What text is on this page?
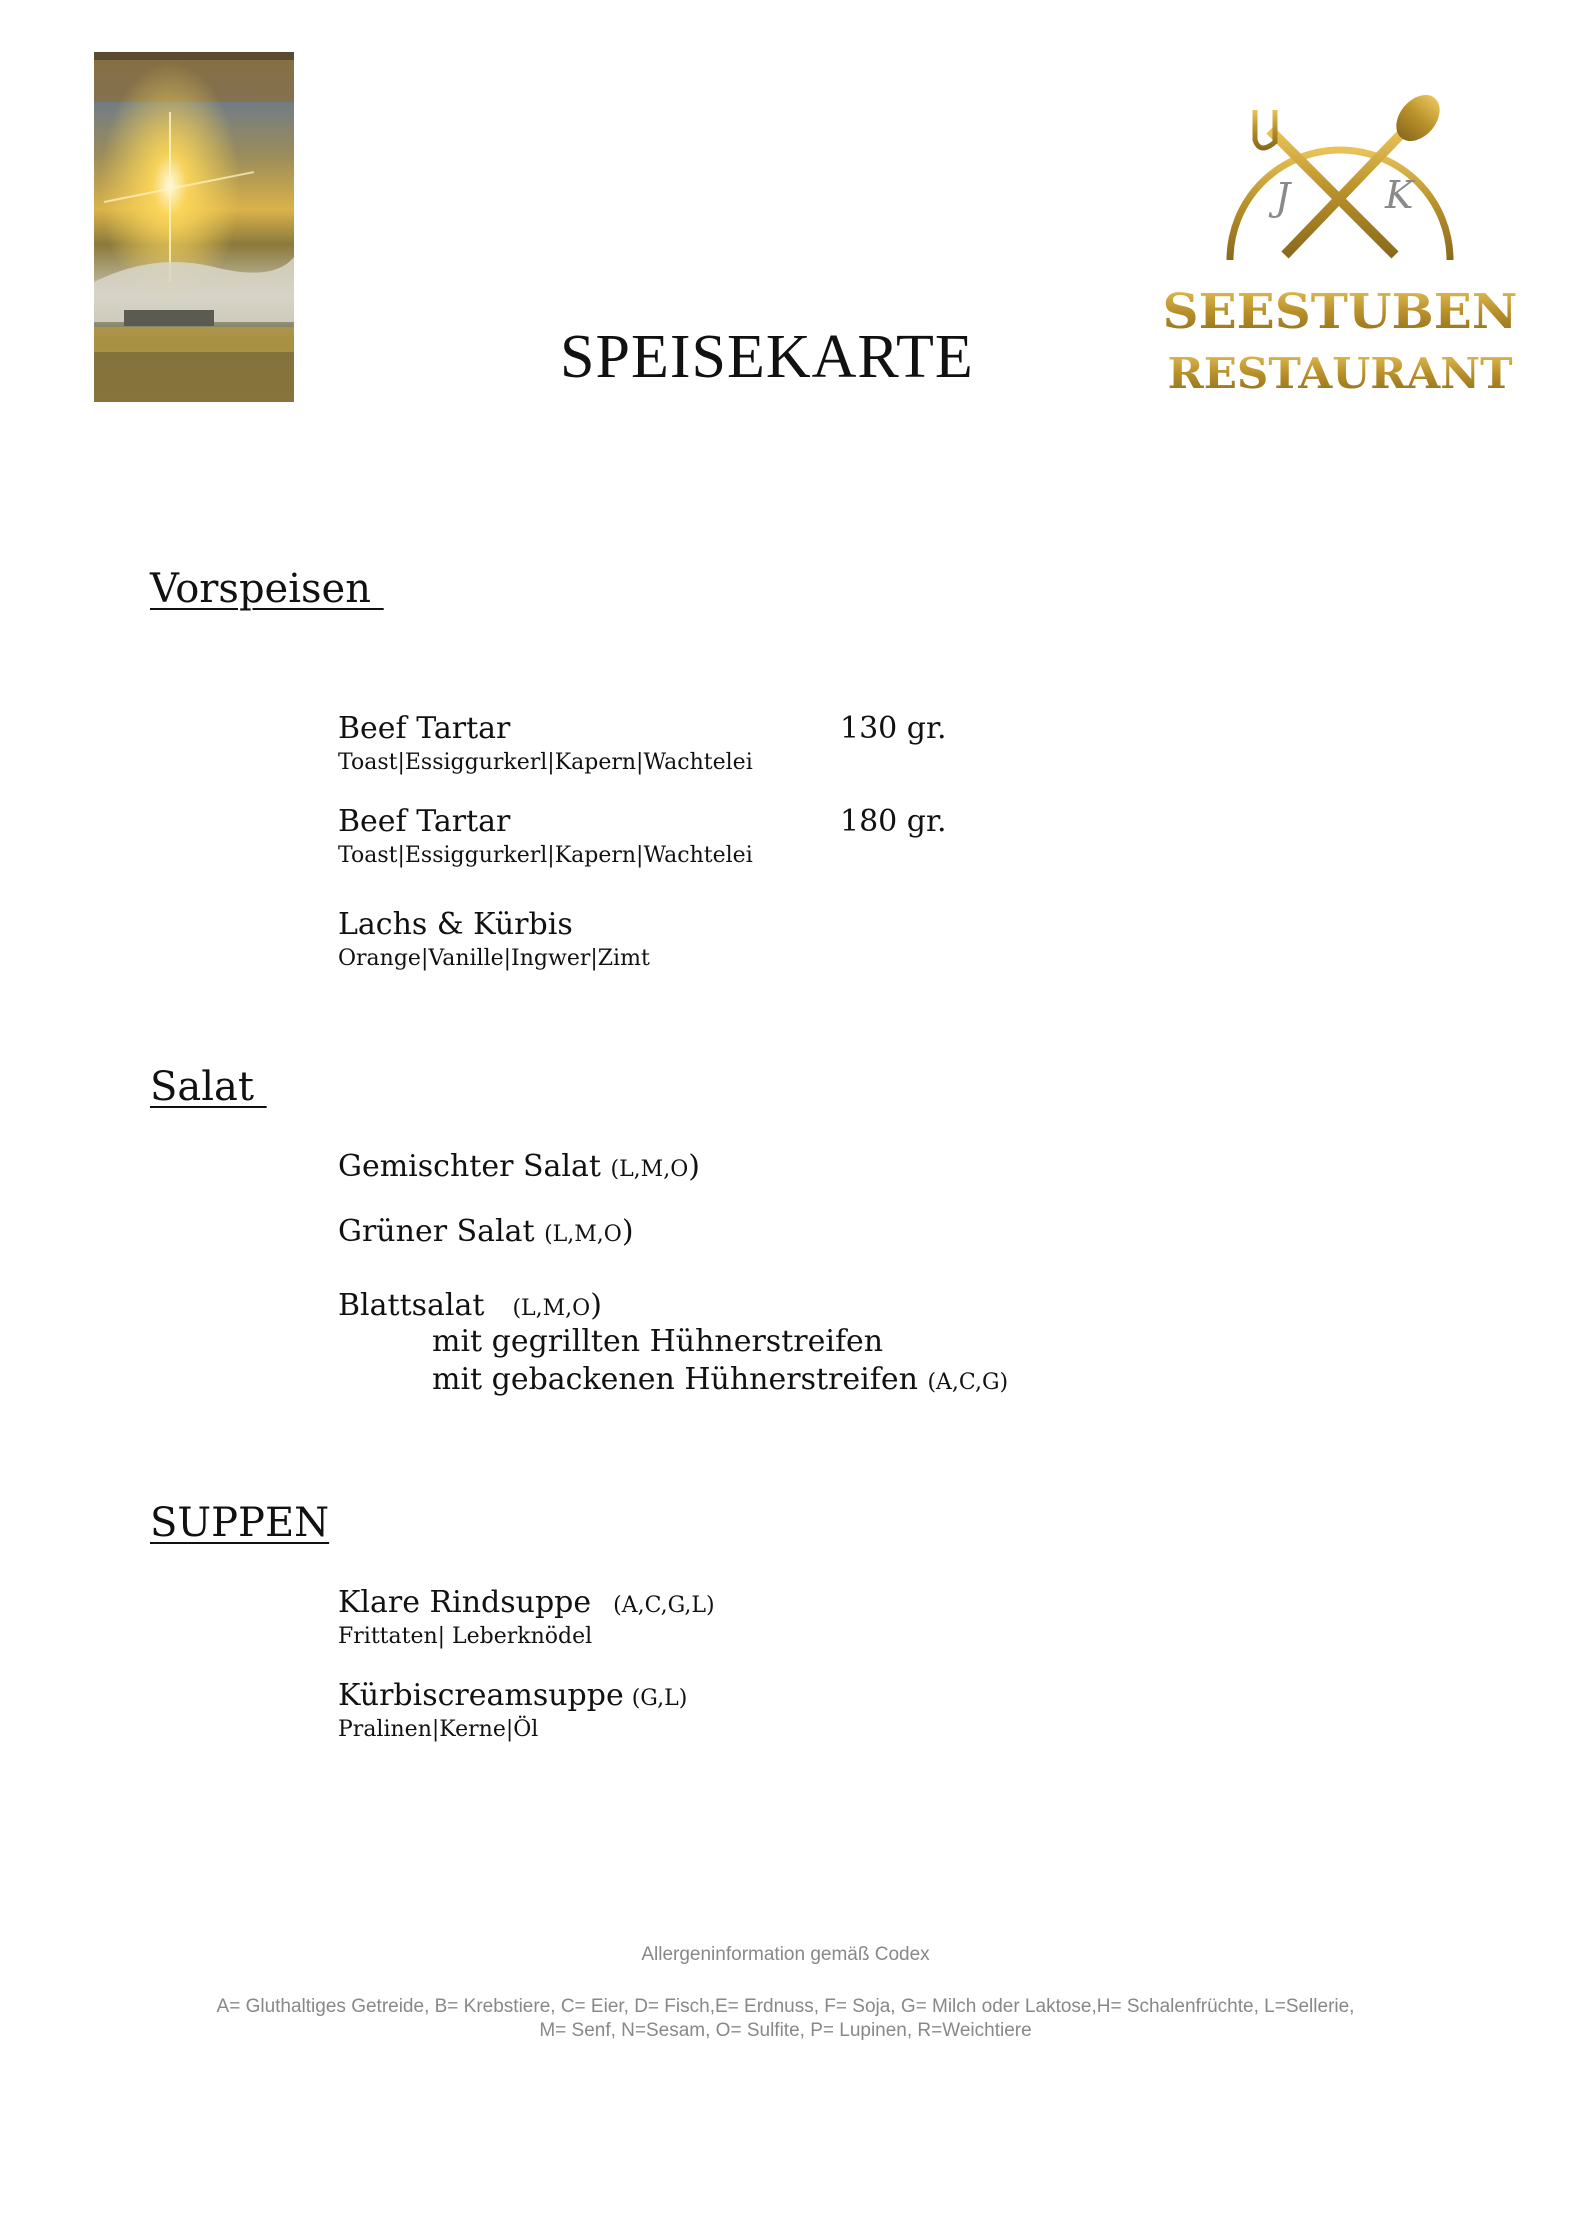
J K
SEESTUBEN
RESTAURANT
SPEISEKARTE
Vorspeisen
Beef Tartar
Toast|Essiggurkerl|Kapern|Wachtelei
130 gr.
Beef Tartar
Toast|Essiggurkerl|Kapern|Wachtelei
180 gr.
Lachs & Kürbis
Orange|Vanille|Ingwer|Zimt
Salat
Gemischter Salat (L,M,O)
Grüner Salat (L,M,O)
Blattsalat (L,M,O)
mit gegrillten Hühnerstreifen
mit gebackenen Hühnerstreifen (A,C,G)
SUPPEN
Klare Rindsuppe (A,C,G,L)
Frittaten| Leberknödel
Kürbiscreamsuppe (G,L)
Pralinen|Kerne|Öl
Allergeninformation gemäß Codex
A= Gluthaltiges Getreide, B= Krebstiere, C= Eier, D= Fisch,E= Erdnuss, F= Soja, G= Milch oder Laktose,H= Schalenfrüchte, L=Sellerie,
M= Senf, N=Sesam, O= Sulfite, P= Lupinen, R=Weichtiere
